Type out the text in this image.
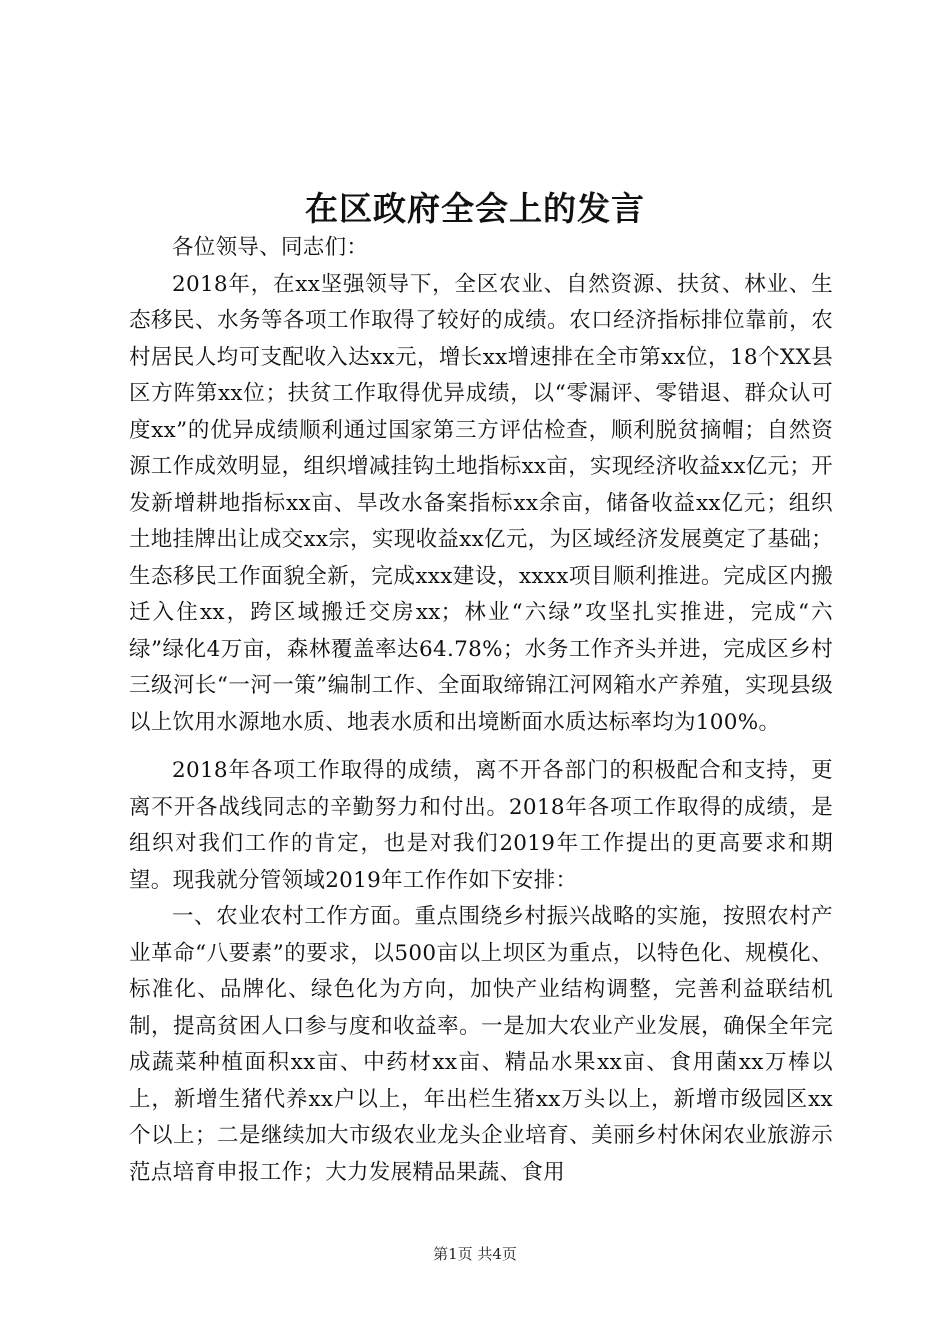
在区政府全会上的发言

各位领导、同志们：

2018年，在xx坚强领导下，全区农业、自然资源、扶贫、林业、生态移民、水务等各项工作取得了较好的成绩。农口经济指标排位靠前，农村居民人均可支配收入达xx元，增长xx增速排在全市第xx位，18个XX县区方阵第xx位；扶贫工作取得优异成绩，以“零漏评、零错退、群众认可度xx”的优异成绩顺利通过国家第三方评估检查，顺利脱贫摘帽；自然资源工作成效明显，组织增减挂钩土地指标xx亩，实现经济收益xx亿元；开发新增耕地指标xx亩、旱改水备案指标xx余亩，储备收益xx亿元；组织土地挂牌出让成交xx宗，实现收益xx亿元，为区域经济发展奠定了基础；生态移民工作面貌全新，完成xxx建设，xxxx项目顺利推进。完成区内搬迁入住xx，跨区域搬迁交房xx；林业“六绿”攻坚扎实推进，完成“六绿”绿化4万亩，森林覆盖率达64.78%；水务工作齐头并进，完成区乡村三级河长“一河一策”编制工作、全面取缔锦江河网箱水产养殖，实现县级以上饮用水源地水质、地表水质和出境断面水质达标率均为100%。

2018年各项工作取得的成绩，离不开各部门的积极配合和支持，更离不开各战线同志的辛勤努力和付出。2018年各项工作取得的成绩，是组织对我们工作的肯定，也是对我们2019年工作提出的更高要求和期望。现我就分管领域2019年工作作如下安排：

一、农业农村工作方面。重点围绕乡村振兴战略的实施，按照农村产业革命“八要素”的要求，以500亩以上坝区为重点，以特色化、规模化、标准化、品牌化、绿色化为方向，加快产业结构调整，完善利益联结机制，提高贫困人口参与度和收益率。一是加大农业产业发展，确保全年完成蔬菜种植面积xx亩、中药材xx亩、精品水果xx亩、食用菌xx万棒以上，新增生猪代养xx户以上，年出栏生猪xx万头以上，新增市级园区xx个以上；二是继续加大市级农业龙头企业培育、美丽乡村休闲农业旅游示范点培育申报工作；大力发展精品果蔬、食用

第1页 共4页
